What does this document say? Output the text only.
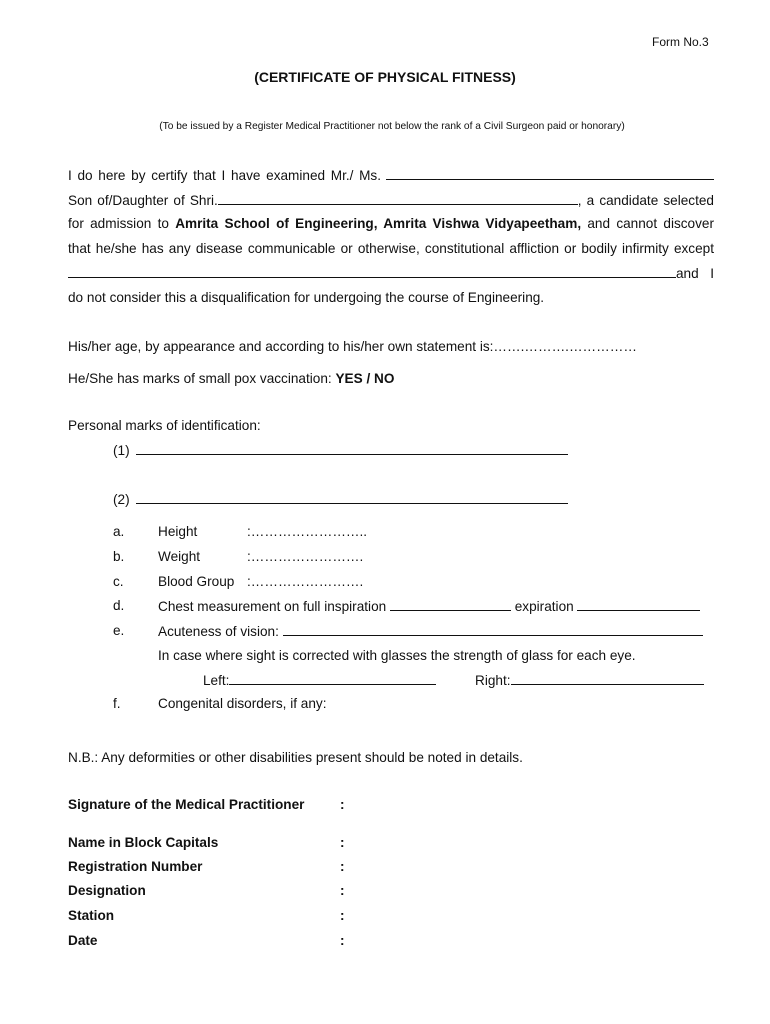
Form No.3
(CERTIFICATE OF PHYSICAL FITNESS)
(To be issued by a Register Medical Practitioner not below the rank of a Civil Surgeon paid or honorary)
I do here by certify that I have examined Mr./ Ms.
Son of/Daughter of Shri.	, a candidate selected
for admission to Amrita School of Engineering, Amrita Vishwa Vidyapeetham, and cannot discover
that he/she has any disease communicable or otherwise, constitutional affliction or bodily infirmity except
and I
do not consider this a disqualification for undergoing the course of Engineering.
His/her age, by appearance and according to his/her own statement is:…….……….……………
He/She has marks of small pox vaccination: YES / NO
Personal marks of identification:
(1)
(2)
a. Height	:……………………..
b. Weight	:…………………….
c.	Blood Group :…………………….
d. Chest measurement on full inspiration	expiration
e. Acuteness of vision:
In case where sight is corrected with glasses the strength of glass for each eye.
Left:	Right:
f.	Congenital disorders, if any:
N.B.: Any deformities or other disabilities present should be noted in details.
Signature of the Medical Practitioner	:
Name in Block Capitals	:
Registration Number	:
Designation	:
Station	:
Date	:
